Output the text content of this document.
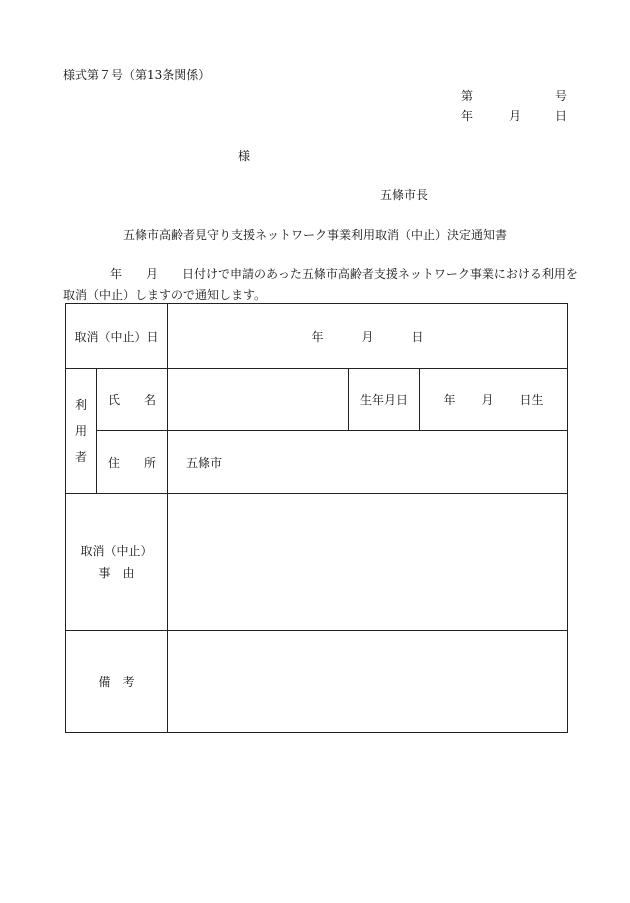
様式第７号（第13条関係）
第	号
年	月	日
様
五條市長
五條市高齢者見守り支援ネットワーク事業利用取消（中止）決定通知書
年 月 日付けで申請のあった五條市高齢者支援ネットワーク事業における利用を
取消（中止）しますので通知します。
取消（中止）日		年 月 日		
利
用
者	氏 名		生年月日	年 月 日生
	住 所	五條市		
取消（中止）
事 由				
備 考				
